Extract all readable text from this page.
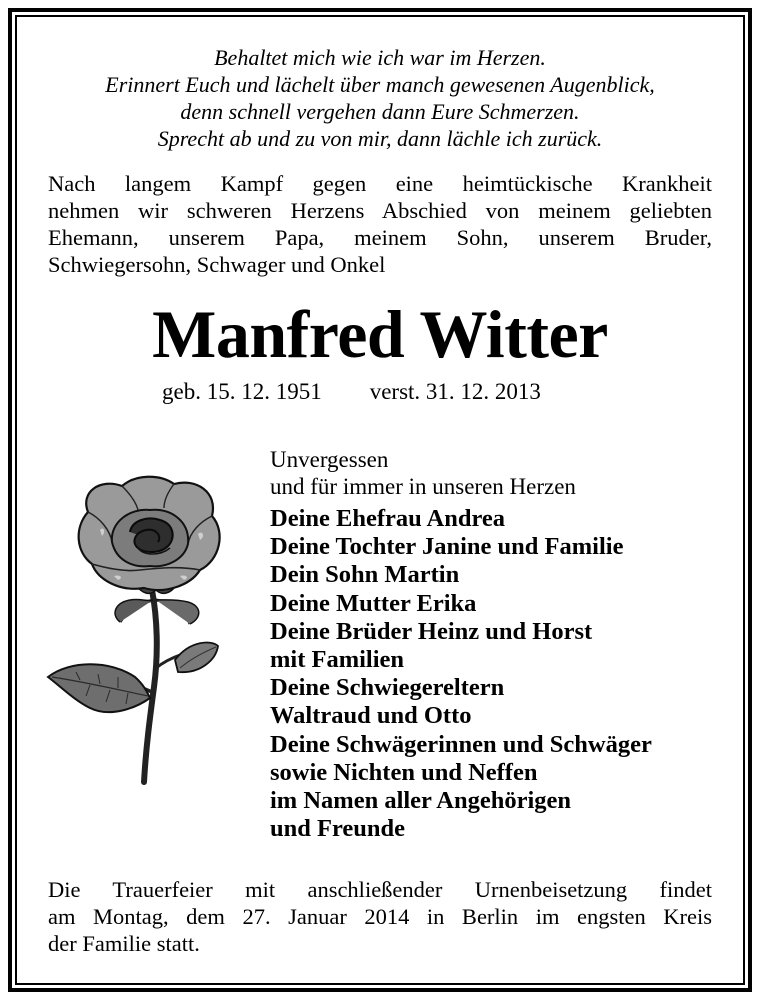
Behaltet mich wie ich war im Herzen.
Erinnert Euch und lächelt über manch gewesenen Augenblick,
denn schnell vergehen dann Eure Schmerzen.
Sprecht ab und zu von mir, dann lächle ich zurück.
Nach langem Kampf gegen eine heimtückische Krankheit
nehmen wir schweren Herzens Abschied von meinem geliebten
Ehemann, unserem Papa, meinem Sohn, unserem Bruder,
Schwiegersohn, Schwager und Onkel
Manfred Witter
geb. 15. 12. 1951 verst. 31. 12. 2013
Unvergessen
und für immer in unseren Herzen
Deine Ehefrau Andrea
Deine Tochter Janine und Familie
Dein Sohn Martin
Deine Mutter Erika
Deine Brüder Heinz und Horst
mit Familien
Deine Schwiegereltern
Waltraud und Otto
Deine Schwägerinnen und Schwäger
sowie Nichten und Neffen
im Namen aller Angehörigen
und Freunde
Die Trauerfeier mit anschließender Urnenbeisetzung findet
am Montag, dem 27. Januar 2014 in Berlin im engsten Kreis
der Familie statt.
